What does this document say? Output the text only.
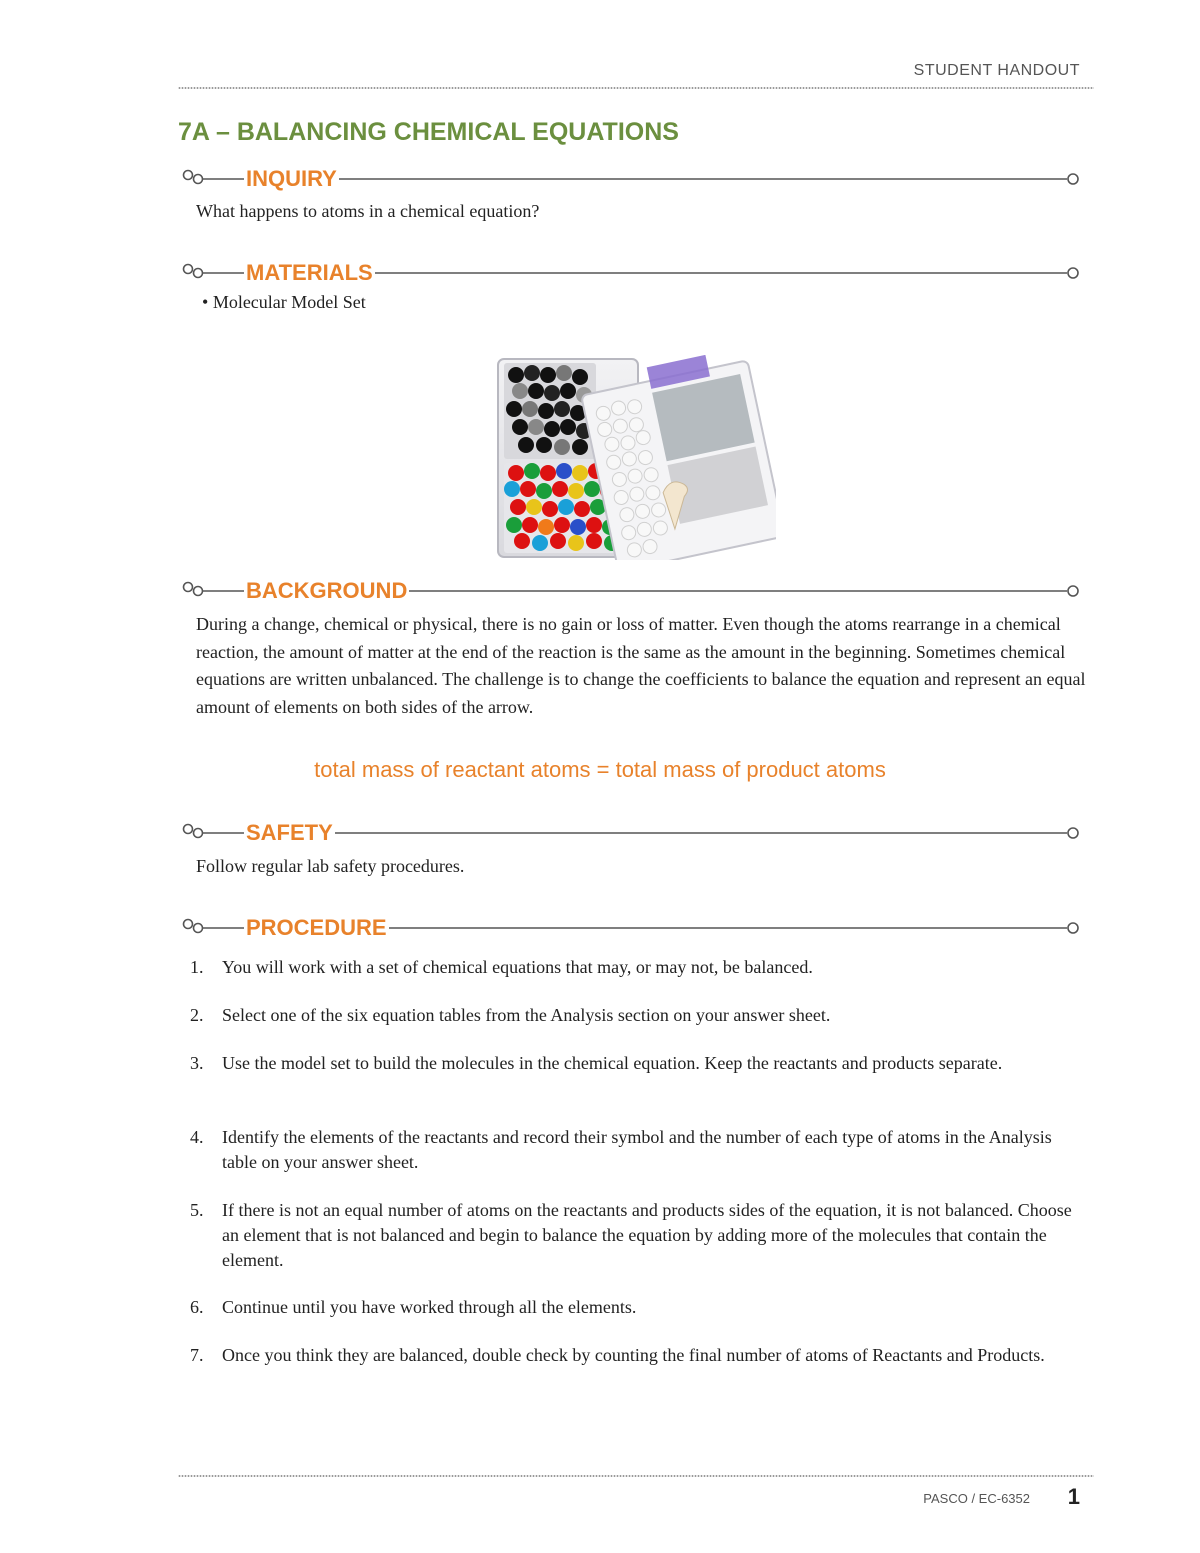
STUDENT HANDOUT
7A – BALANCING CHEMICAL EQUATIONS
INQUIRY
What happens to atoms in a chemical equation?
MATERIALS
• Molecular Model Set
BACKGROUND
During a change, chemical or physical, there is no gain or loss of matter. Even though the atoms rearrange in a chemical reaction, the amount of matter at the end of the reaction is the same as the amount in the beginning. Sometimes chemical equations are written unbalanced. The challenge is to change the coefficients to balance the equation and represent an equal amount of elements on both sides of the arrow.
total mass of reactant atoms = total mass of product atoms
SAFETY
Follow regular lab safety procedures.
PROCEDURE
1.	You will work with a set of chemical equations that may, or may not, be balanced.
2.	Select one of the six equation tables from the Analysis section on your answer sheet.
3.	Use the model set to build the molecules in the chemical equation. Keep the reactants and products separate.
4.	Identify the elements of the reactants and record their symbol and the number of each type of atoms in the Analysis table on your answer sheet.
5.	If there is not an equal number of atoms on the reactants and products sides of the equation, it is not balanced. Choose an element that is not balanced and begin to balance the equation by adding more of the molecules that contain the element.
6.	Continue until you have worked through all the elements.
7.	Once you think they are balanced, double check by counting the final number of atoms of Reactants and Products.
PASCO / EC-6352 1
